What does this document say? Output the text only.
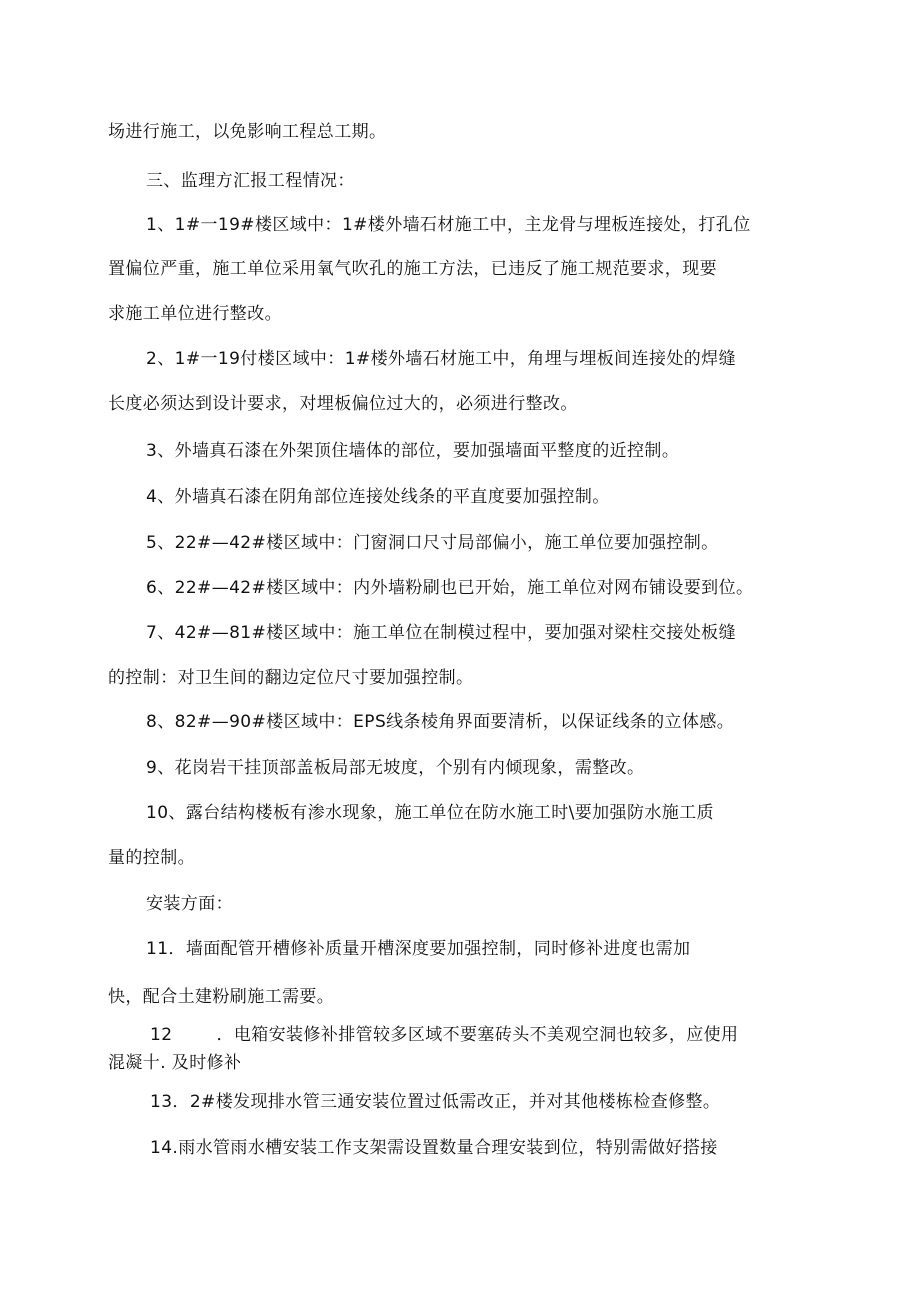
场进行施工，以免影响工程总工期。
三、监理方汇报工程情况：
1、1#一19#楼区域中：1#楼外墙石材施工中，主龙骨与埋板连接处，打孔位
置偏位严重，施工单位采用氧气吹孔的施工方法，已违反了施工规范要求，现要
求施工单位进行整改。
2、1#一19付楼区域中：1#楼外墙石材施工中，角埋与埋板间连接处的焊缝
长度必须达到设计要求，对埋板偏位过大的，必须进行整改。
3、外墙真石漆在外架顶住墙体的部位，要加强墙面平整度的近控制。
4、外墙真石漆在阴角部位连接处线条的平直度要加强控制。
5、22#—42#楼区域中：门窗洞口尺寸局部偏小，施工单位要加强控制。
6、22#—42#楼区域中：内外墙粉刷也已开始，施工单位对网布铺设要到位。
7、42#—81#楼区域中：施工单位在制模过程中，要加强对梁柱交接处板缝
的控制：对卫生间的翻边定位尺寸要加强控制。
8、82#—90#楼区域中：EPS线条棱角界面要清析，以保证线条的立体感。
9、花岗岩干挂顶部盖板局部无坡度，个别有内倾现象，需整改。
10、露台结构楼板有渗水现象，施工单位在防水施工时\要加强防水施工质
量的控制。
安装方面：
11．墙面配管开槽修补质量开槽深度要加强控制，同时修补进度也需加
快，配合土建粉刷施工需要。
12	．电箱安装修补排管较多区域不要塞砖头不美观空洞也较多，应使用
混凝十. 及时修补
13．2#楼发现排水管三通安装位置过低需改正，并对其他楼栋检查修整。
14.雨水管雨水槽安装工作支架需设置数量合理安装到位，特别需做好搭接
